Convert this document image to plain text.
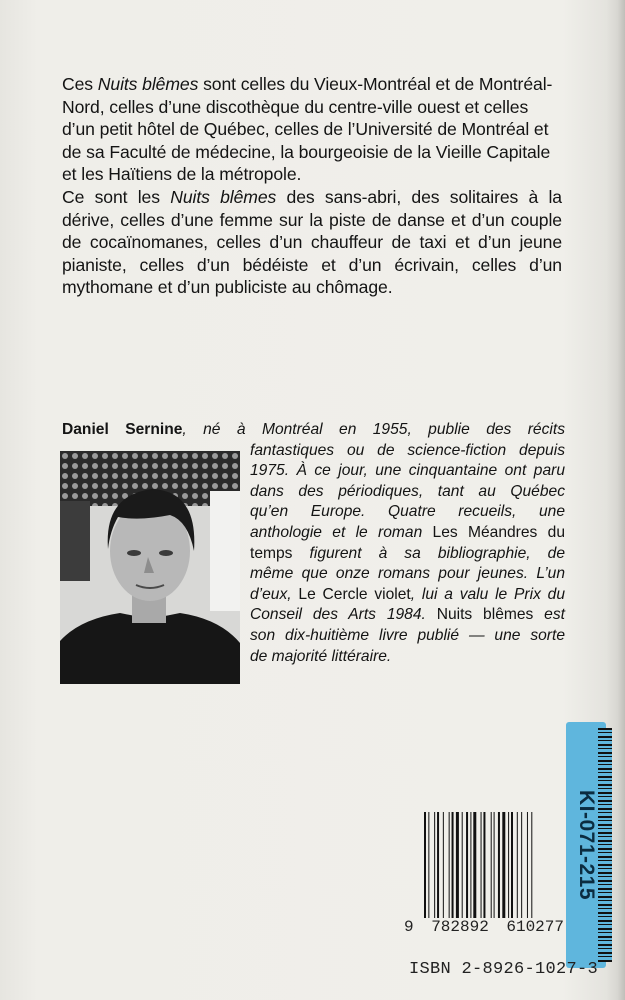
Ces Nuits blêmes sont celles du Vieux-Montréal et de Montréal-Nord, celles d’une discothèque du centre-ville ouest et celles d’un petit hôtel de Québec, celles de l’Université de Montréal et de sa Faculté de médecine, la bourgeoisie de la Vieille Capitale et les Haïtiens de la métropole.

Ce sont les Nuits blêmes des sans-abri, des solitaires à la dérive, celles d’une femme sur la piste de danse et d’un couple de cocaïnomanes, celles d’un chauffeur de taxi et d’un jeune pianiste, celles d’un bédéiste et d’un écrivain, celles d’un mythomane et d’un publiciste au chômage.

Daniel Sernine, né à Montréal en 1955, publie des récits
fantastiques ou de science-fiction depuis
1975. À ce jour, une cinquantaine ont paru
dans des périodiques, tant au Québec
qu’en Europe. Quatre recueils, une
anthologie et le roman Les Méandres du
temps figurent à sa bibliographie, de
même que onze romans pour jeunes. L’un
d’eux, Le Cercle violet, lui a valu le Prix du
Conseil des Arts 1984. Nuits blêmes est
son dix-huitième livre publié — une sorte
de majorité littéraire.
KI-071-215
9 782892 610277
ISBN 2-8926-1027-3
